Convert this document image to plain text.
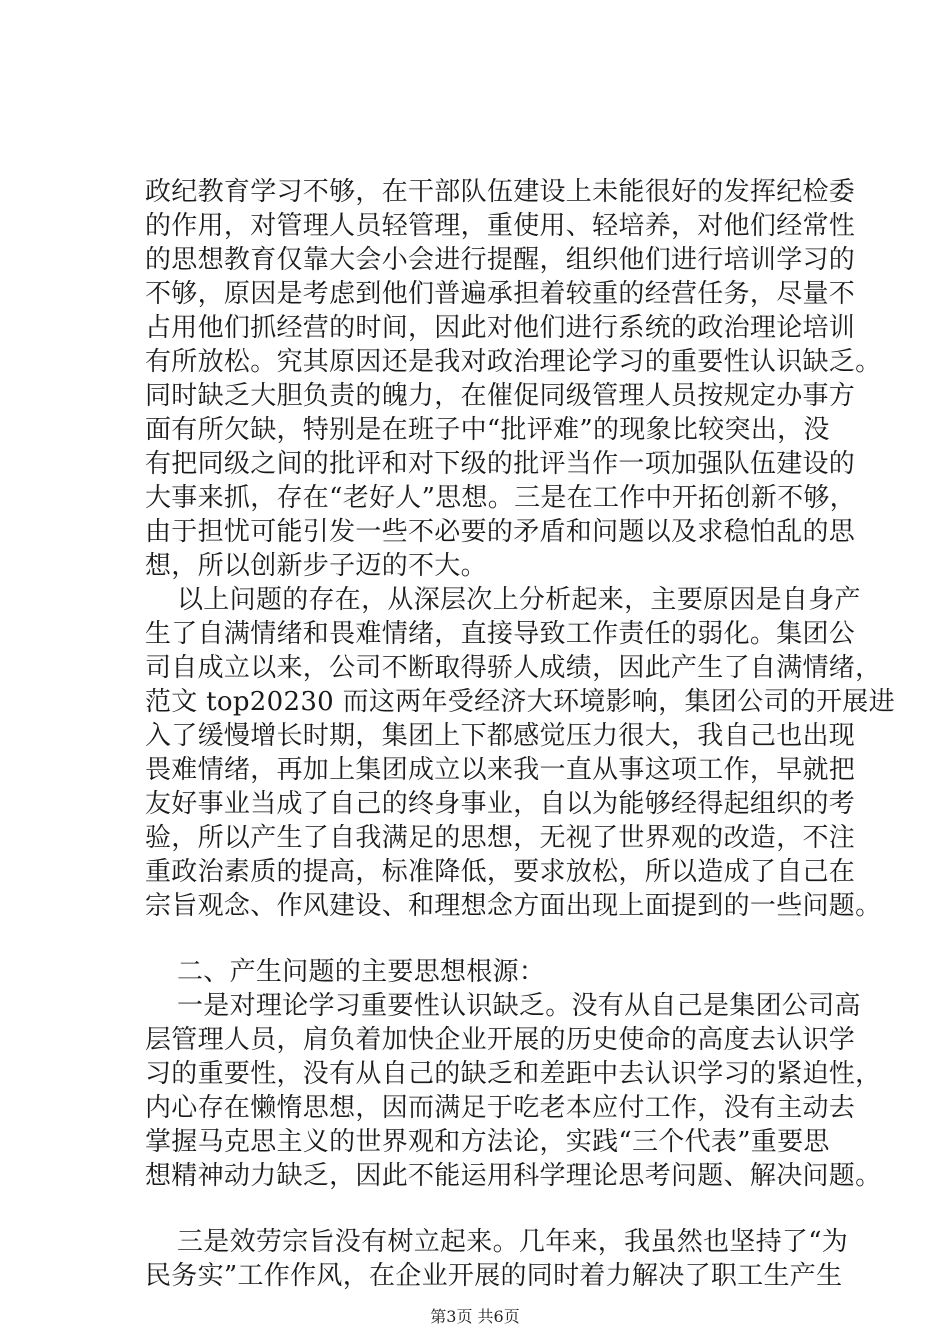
政纪教育学习不够，在干部队伍建设上未能很好的发挥纪检委
的作用，对管理人员轻管理，重使用、轻培养，对他们经常性
的思想教育仅靠大会小会进行提醒，组织他们进行培训学习的
不够，原因是考虑到他们普遍承担着较重的经营任务，尽量不
占用他们抓经营的时间，因此对他们进行系统的政治理论培训
有所放松。究其原因还是我对政治理论学习的重要性认识缺乏。
同时缺乏大胆负责的魄力，在催促同级管理人员按规定办事方
面有所欠缺，特别是在班子中“批评难”的现象比较突出，没
有把同级之间的批评和对下级的批评当作一项加强队伍建设的
大事来抓，存在“老好人”思想。三是在工作中开拓创新不够，
由于担忧可能引发一些不必要的矛盾和问题以及求稳怕乱的思
想，所以创新步子迈的不大。
以上问题的存在，从深层次上分析起来，主要原因是自身产
生了自满情绪和畏难情绪，直接导致工作责任的弱化。集团公
司自成立以来，公司不断取得骄人成绩，因此产生了自满情绪，
范文 top20230 而这两年受经济大环境影响，集团公司的开展进
入了缓慢增长时期，集团上下都感觉压力很大，我自己也出现
畏难情绪，再加上集团成立以来我一直从事这项工作，早就把
友好事业当成了自己的终身事业，自以为能够经得起组织的考
验，所以产生了自我满足的思想，无视了世界观的改造，不注
重政治素质的提高，标准降低，要求放松，所以造成了自己在
宗旨观念、作风建设、和理想念方面出现上面提到的一些问题。
二、产生问题的主要思想根源：
一是对理论学习重要性认识缺乏。没有从自己是集团公司高
层管理人员，肩负着加快企业开展的历史使命的高度去认识学
习的重要性，没有从自己的缺乏和差距中去认识学习的紧迫性，
内心存在懒惰思想，因而满足于吃老本应付工作，没有主动去
掌握马克思主义的世界观和方法论，实践“三个代表”重要思
想精神动力缺乏，因此不能运用科学理论思考问题、解决问题。
三是效劳宗旨没有树立起来。几年来，我虽然也坚持了“为
民务实”工作作风，在企业开展的同时着力解决了职工生产生
第3页 共6页
